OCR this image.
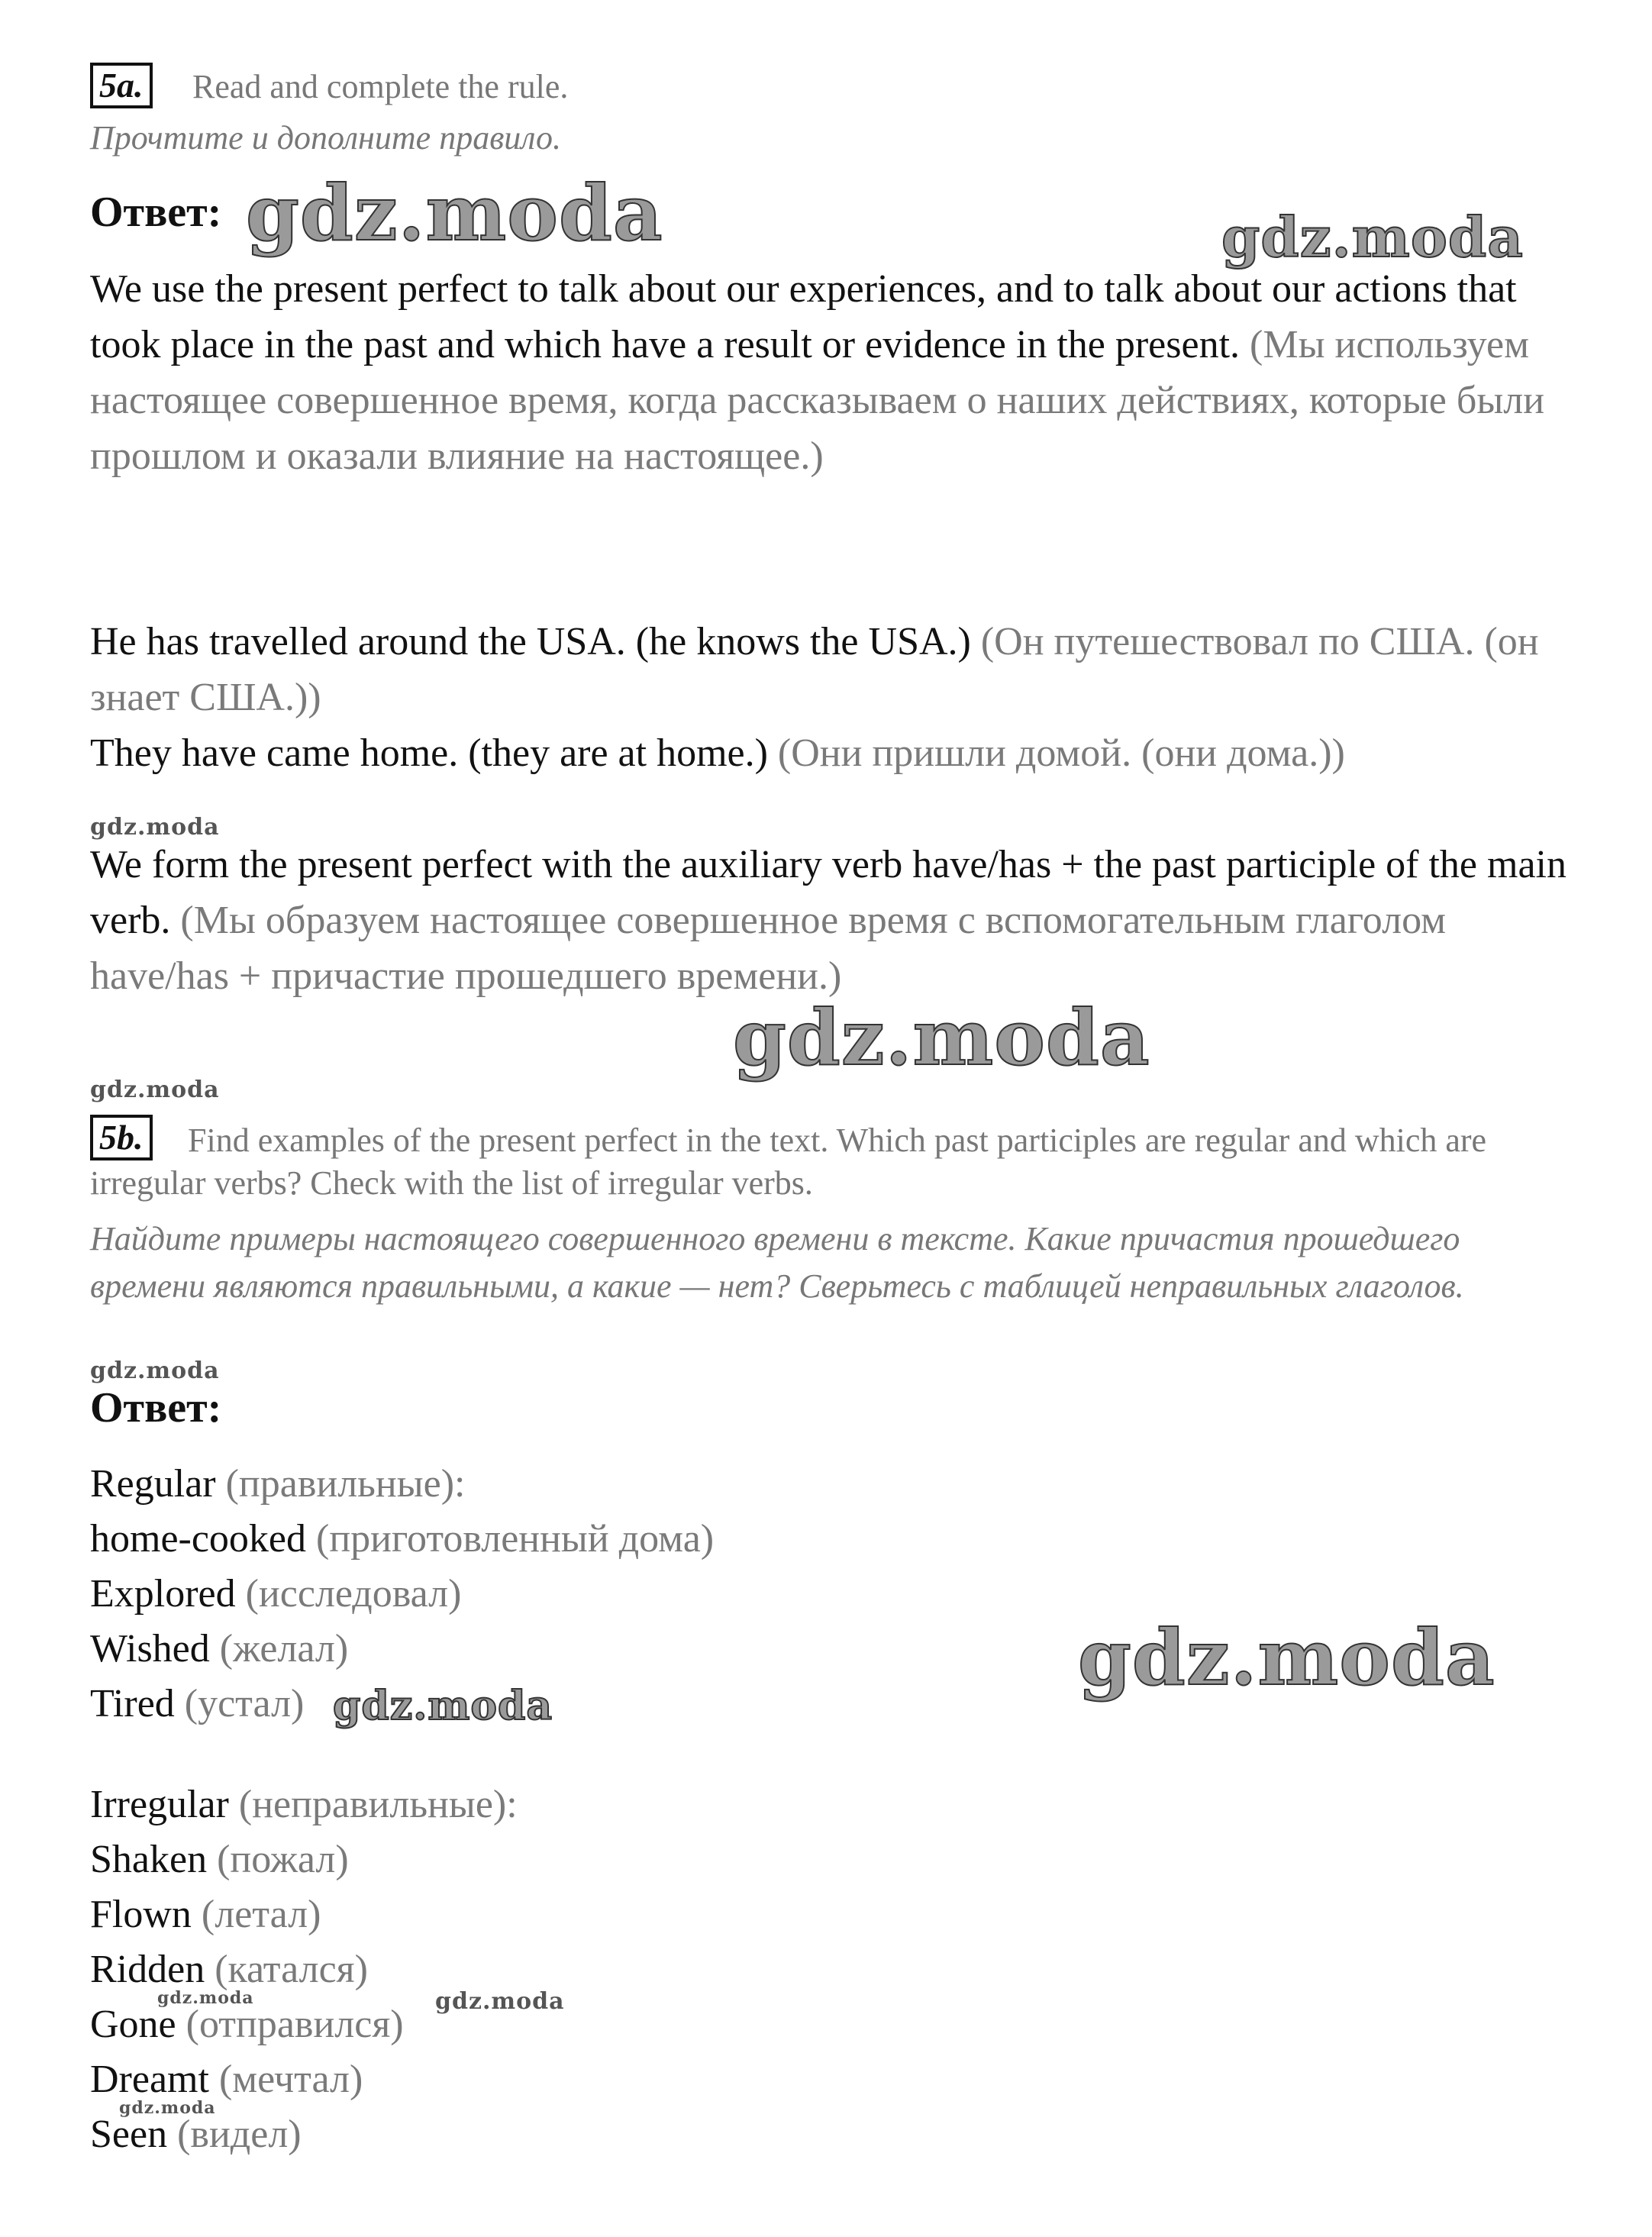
5a. Read and complete the rule.
Прочтите и дополните правило.
Ответ: gdz.moda	gdz.moda
We use the present perfect to talk about our experiences, and to talk about our actions that took place in the past and which have a result or evidence in the present. (Мы используем настоящее совершенное время, когда рассказываем о наших действиях, которые были прошлом и оказали влияние на настоящее.)
He has travelled around the USA. (he knows the USA.) (Он путешествовал по США. (он знает США.))
They have came home. (they are at home.) (Они пришли домой. (они дома.))
gdz.moda
We form the present perfect with the auxiliary verb have/has + the past participle of the main verb. (Мы образуем настоящее совершенное время с вспомогательным глаголом have/has + причастие прошедшего времени.)
gdz.moda
gdz.moda
5b.	Find examples of the present perfect in the text. Which past participles are regular and which are irregular verbs? Check with the list of irregular verbs.
Найдите примеры настоящего совершенного времени в тексте. Какие причастия прошедшего времени являются правильными, а какие — нет? Сверьтесь с таблицей неправильных глаголов.
gdz.moda
Ответ:
Regular (правильные):
home-cooked (приготовленный дома)
Explored (исследовал)
Wished (желал)
Tired (устал) gdz.moda
gdz.moda
Irregular (неправильные):
Shaken (пожал)
Flown (летал)
Ridden (катался)
gdz.moda	gdz.moda
Gone (отправился)
Dreamt (мечтал)
gdz.moda
Seen (видел)
